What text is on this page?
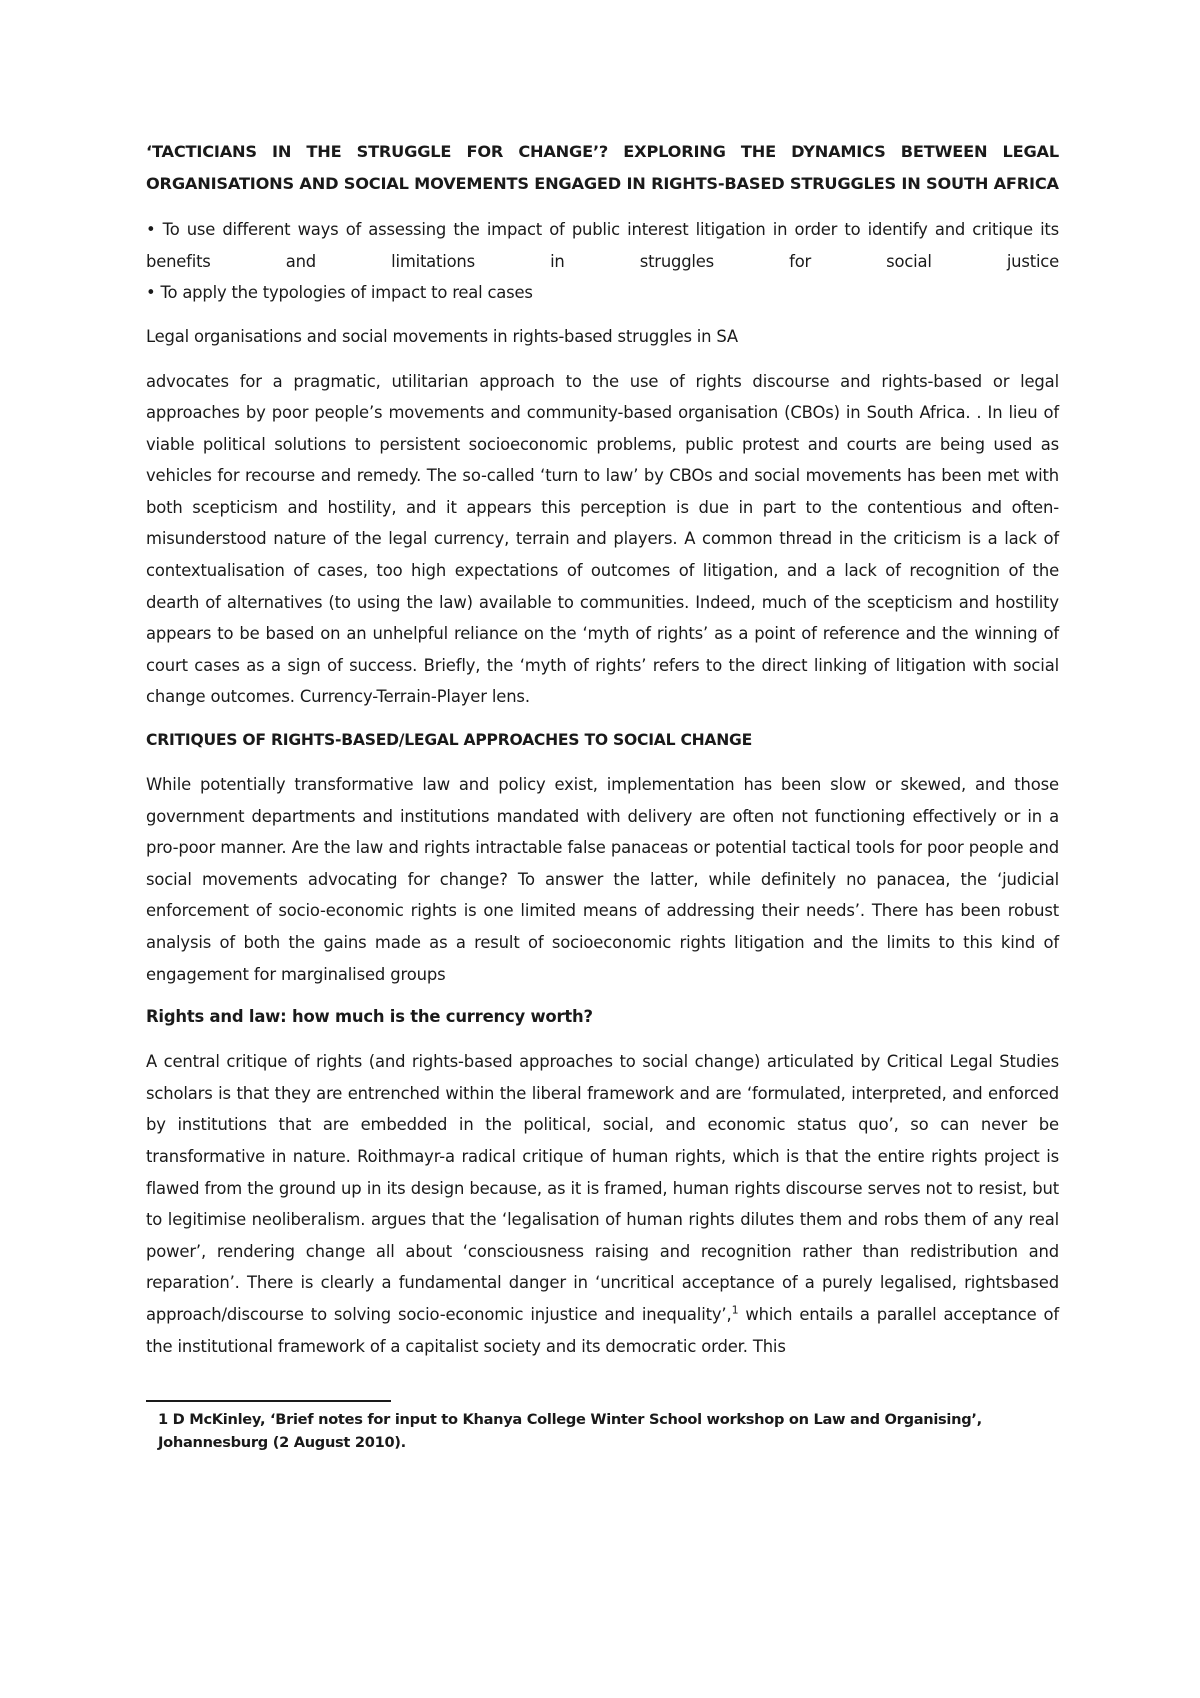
‘TACTICIANS IN THE STRUGGLE FOR CHANGE’? EXPLORING THE DYNAMICS BETWEEN LEGAL ORGANISATIONS AND SOCIAL MOVEMENTS ENGAGED IN RIGHTS-BASED STRUGGLES IN SOUTH AFRICA

• To use different ways of assessing the impact of public interest litigation in order to identify and critique its benefits and limitations in struggles for social justice
• To apply the typologies of impact to real cases

Legal organisations and social movements in rights-based struggles in SA

advocates for a pragmatic, utilitarian approach to the use of rights discourse and rights-based or legal approaches by poor people’s movements and community-based organisation (CBOs) in South Africa. . In lieu of viable political solutions to persistent socioeconomic problems, public protest and courts are being used as vehicles for recourse and remedy. The so-called ‘turn to law’ by CBOs and social movements has been met with both scepticism and hostility, and it appears this perception is due in part to the contentious and often-misunderstood nature of the legal currency, terrain and players. A common thread in the criticism is a lack of contextualisation of cases, too high expectations of outcomes of litigation, and a lack of recognition of the dearth of alternatives (to using the law) available to communities. Indeed, much of the scepticism and hostility appears to be based on an unhelpful reliance on the ‘myth of rights’ as a point of reference and the winning of court cases as a sign of success. Briefly, the ‘myth of rights’ refers to the direct linking of litigation with social change outcomes. Currency-Terrain-Player lens.

CRITIQUES OF RIGHTS-BASED/LEGAL APPROACHES TO SOCIAL CHANGE

While potentially transformative law and policy exist, implementation has been slow or skewed, and those government departments and institutions mandated with delivery are often not functioning effectively or in a pro-poor manner. Are the law and rights intractable false panaceas or potential tactical tools for poor people and social movements advocating for change? To answer the latter, while definitely no panacea, the ‘judicial enforcement of socio-economic rights is one limited means of addressing their needs’. There has been robust analysis of both the gains made as a result of socioeconomic rights litigation and the limits to this kind of engagement for marginalised groups

Rights and law: how much is the currency worth?

A central critique of rights (and rights-based approaches to social change) articulated by Critical Legal Studies scholars is that they are entrenched within the liberal framework and are ‘formulated, interpreted, and enforced by institutions that are embedded in the political, social, and economic status quo’, so can never be transformative in nature. Roithmayr-a radical critique of human rights, which is that the entire rights project is flawed from the ground up in its design because, as it is framed, human rights discourse serves not to resist, but to legitimise neoliberalism. argues that the ‘legalisation of human rights dilutes them and robs them of any real power’, rendering change all about ‘consciousness raising and recognition rather than redistribution and reparation’. There is clearly a fundamental danger in ‘uncritical acceptance of a purely legalised, rightsbased approach/discourse to solving socio-economic injustice and inequality’,$^1$ which entails a parallel acceptance of the institutional framework of a capitalist society and its democratic order. This

1 D McKinley, ‘Brief notes for input to Khanya College Winter School workshop on Law and Organising’, Johannesburg (2 August 2010).
